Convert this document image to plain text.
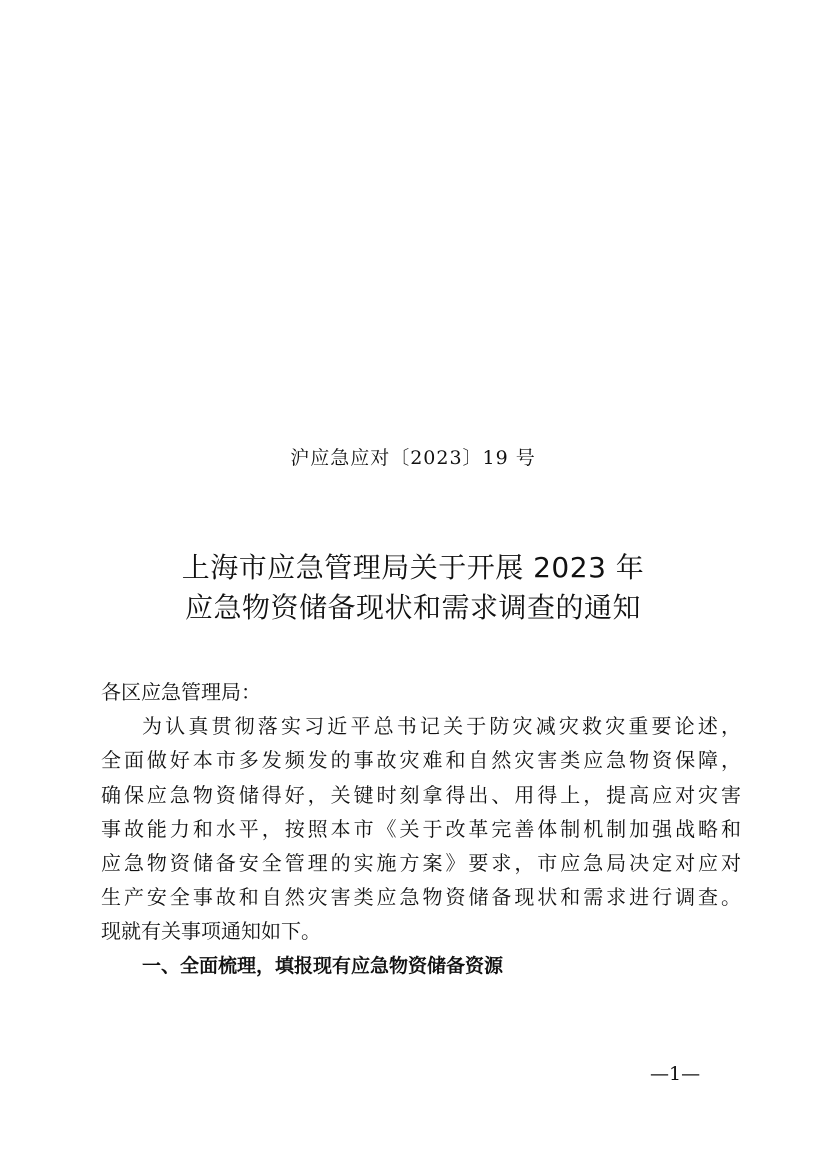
沪应急应对〔2023〕19 号
上海市应急管理局关于开展 2023 年
应急物资储备现状和需求调查的通知
各区应急管理局：
为认真贯彻落实习近平总书记关于防灾减灾救灾重要论述，
全面做好本市多发频发的事故灾难和自然灾害类应急物资保障，
确保应急物资储得好，关键时刻拿得出、用得上，提高应对灾害
事故能力和水平，按照本市《关于改革完善体制机制加强战略和
应急物资储备安全管理的实施方案》要求，市应急局决定对应对
生产安全事故和自然灾害类应急物资储备现状和需求进行调查。
现就有关事项通知如下。
一、全面梳理，填报现有应急物资储备资源
—1—
